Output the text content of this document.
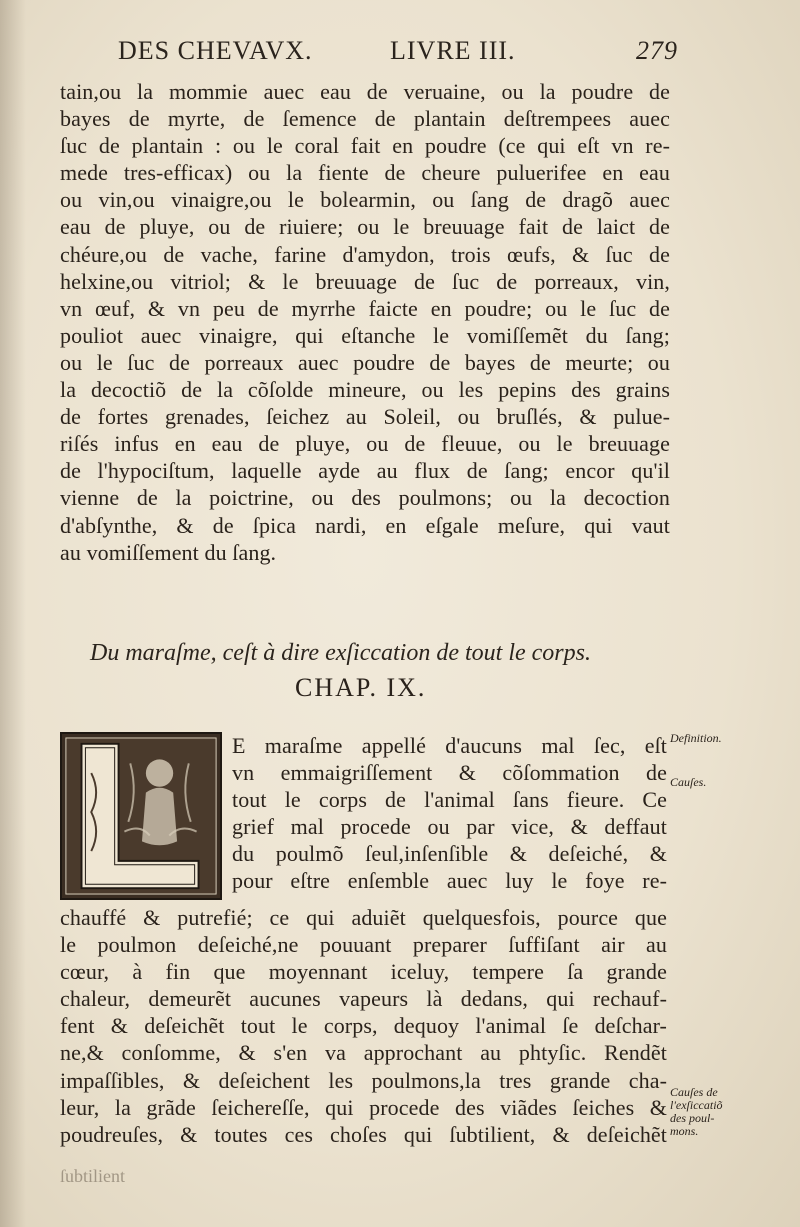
DES CHEVAVX.	LIVRE III.	279
tain,ou la mommie auec eau de veruaine, ou la poudre de
bayes de myrte, de ſemence de plantain deſtrempees auec
ſuc de plantain : ou le coral fait en poudre (ce qui eſt vn re-
mede tres-efficax) ou la fiente de cheure puluerifee en eau
ou vin,ou vinaigre,ou le bolearmin, ou ſang de dragõ auec
eau de pluye, ou de riuiere; ou le breuuage fait de laict de
chéure,ou de vache, farine d'amydon, trois œufs, & ſuc de
helxine,ou vitriol; & le breuuage de ſuc de porreaux, vin,
vn œuf, & vn peu de myrrhe faicte en poudre; ou le ſuc de
pouliot auec vinaigre, qui eſtanche le vomiſſemẽt du ſang;
ou le ſuc de porreaux auec poudre de bayes de meurte; ou
la decoctiõ de la cõſolde mineure, ou les pepins des grains
de fortes grenades, ſeichez au Soleil, ou bruſlés, & pulue-
riſés infus en eau de pluye, ou de fleuue, ou le breuuage
de l'hypociſtum, laquelle ayde au flux de ſang; encor qu'il
vienne de la poictrine, ou des poulmons; ou la decoction
d'abſynthe, & de ſpica nardi, en eſgale meſure, qui vaut
au vomiſſement du ſang.
Du maraſme, ceſt à dire exſiccation de tout le corps.
CHAP. IX.
E maraſme appellé d'aucuns mal ſec, eſt
vn emmaigriſſement & cõſommation de
tout le corps de l'animal ſans fieure. Ce
grief mal procede ou par vice, & deffaut
du poulmõ ſeul,inſenſible & deſeiché, &
pour eſtre enſemble auec luy le foye re-
chauffé & putrefié; ce qui aduiẽt quelquesfois, pource que
le poulmon deſeiché,ne pouuant preparer ſuffiſant air au
cœur, à fin que moyennant iceluy, tempere ſa grande
chaleur, demeurẽt aucunes vapeurs là dedans, qui rechauf-
fent & deſeichẽt tout le corps, dequoy l'animal ſe deſchar-
ne,& conſomme, & s'en va approchant au phtyſic. Rendẽt
impaſſibles, & deſeichent les poulmons,la tres grande cha-
leur, la grãde ſeichereſſe, qui procede des viãdes ſeiches &
poudreuſes, & toutes ces choſes qui ſubtilient, & deſeichẽt
ſubtilient
Definition.
Cauſes.
Cauſes de
l'exſiccatiõ
des poul-
mons.
